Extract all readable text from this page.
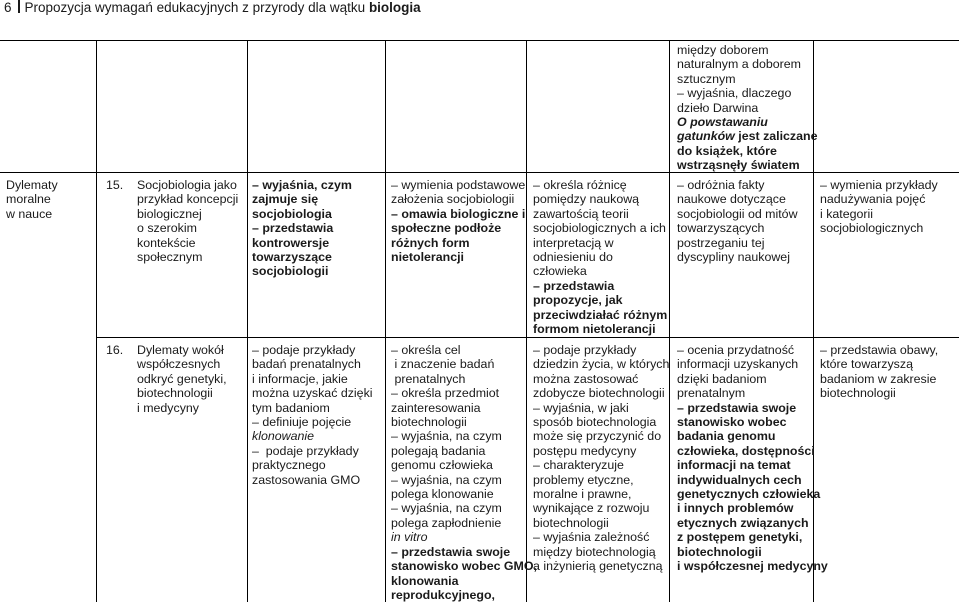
6 Propozycja wymagań edukacyjnych z przyrody dla wątku biologia
między doborem
naturalnym a doborem
sztucznym
– wyjaśnia, dlaczego
dzieło Darwina
O powstawaniu
gatunków jest zaliczane
do książek, które
wstrząsnęły światem
Dylematy
moralne
w nauce
15. Socjobiologia jako
przykład koncepcji
biologicznej
o szerokim
kontekście
społecznym
– wyjaśnia, czym
zajmuje się
socjobiologia
– przedstawia
kontrowersje
towarzyszące
socjobiologii
– wymienia podstawowe
założenia socjobiologii
– omawia biologiczne i
społeczne podłoże
różnych form
nietolerancji
– określa różnicę
pomiędzy naukową
zawartością teorii
socjobiologicznych a ich
interpretacją w
odniesieniu do
człowieka
– przedstawia
propozycje, jak
przeciwdziałać różnym
formom nietolerancji
– odróżnia fakty
naukowe dotyczące
socjobiologii od mitów
towarzyszących
postrzeganiu tej
dyscypliny naukowej
– wymienia przykłady
nadużywania pojęć
i kategorii
socjobiologicznych
16. Dylematy wokół
współczesnych
odkryć genetyki,
biotechnologii
i medycyny
– podaje przykłady
badań prenatalnych
i informacje, jakie
można uzyskać dzięki
tym badaniom
– definiuje pojęcie
klonowanie
–  podaje przykłady
praktycznego
zastosowania GMO
– określa cel
i znaczenie badań
prenatalnych
– określa przedmiot
zainteresowania
biotechnologii
– wyjaśnia, na czym
polegają badania
genomu człowieka
– wyjaśnia, na czym
polega klonowanie
– wyjaśnia, na czym
polega zapłodnienie
in vitro
– przedstawia swoje
stanowisko wobec GMO,
klonowania
reprodukcyjnego,
– podaje przykłady
dziedzin życia, w których
można zastosować
zdobycze biotechnologii
– wyjaśnia, w jaki
sposób biotechnologia
może się przyczynić do
postępu medycyny
– charakteryzuje
problemy etyczne,
moralne i prawne,
wynikające z rozwoju
biotechnologii
– wyjaśnia zależność
między biotechnologią
a inżynierią genetyczną
– ocenia przydatność
informacji uzyskanych
dzięki badaniom
prenatalnym
– przedstawia swoje
stanowisko wobec
badania genomu
człowieka, dostępności
informacji na temat
indywidualnych cech
genetycznych człowieka
i innych problemów
etycznych związanych
z postępem genetyki,
biotechnologii
i współczesnej medycyny
– przedstawia obawy,
które towarzyszą
badaniom w zakresie
biotechnologii
